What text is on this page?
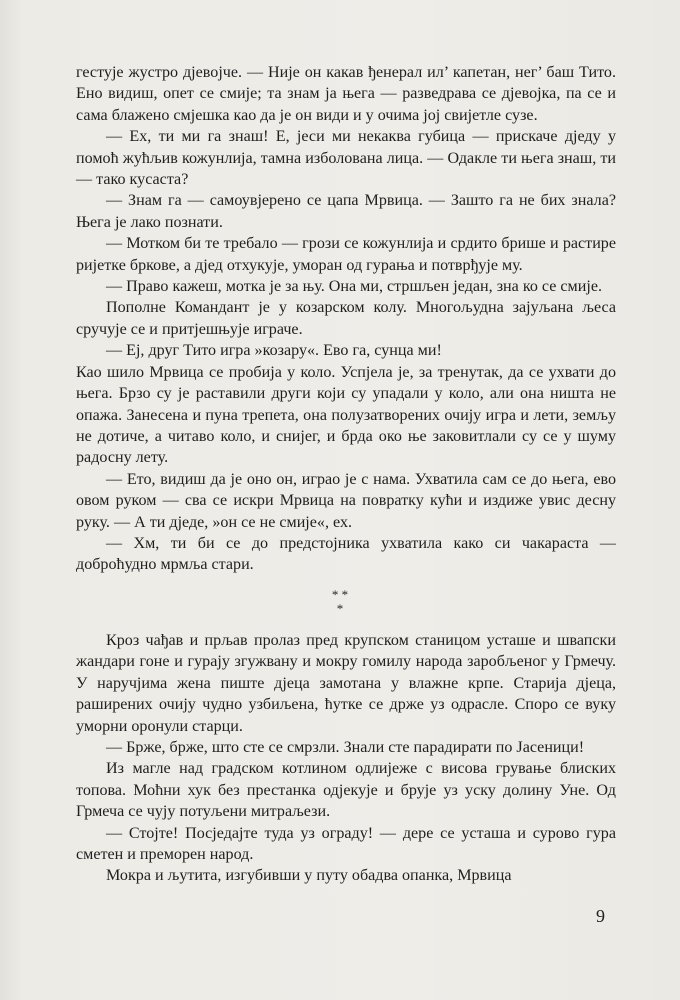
гестује жустро дјевојче. — Није он какав ђенерал ил’ капетан, нег’ баш Тито. Ено видиш, опет се смије; та знам ја њега — разведрава се дјевојка, па се и сама блажено смјешка као да је он види и у очима јој свијетле сузе.

— Ех, ти ми га знаш! Е, јеси ми некаква губица — прискаче дједу у помоћ жућљив кожунлија, тамна изболована лица. — Одакле ти њега знаш, ти — тако кусаста?

— Знам га — самоувјерено се цапа Мрвица. — Зашто га не бих знала? Њега је лако познати.

— Мотком би те требало — грози се кожунлија и срдито брише и растире ријетке бркове, а дјед отхукује, уморан од гурања и потврђује му.

— Право кажеш, мотка је за њу. Она ми, стршљен један, зна ко се смије.

Пополне Командант је у козарском колу. Многољудна зајуљана љеса сручује се и притјешњује играче.

— Ej, друг Тито игра »козару«. Ево га, сунца ми!

Као шило Мрвица се пробија у коло. Успјела је, за тренутак, да се ухвати до њега. Брзо су је раставили други који су упадали у коло, али она ништа не опажа. Занесена и пуна трепета, она полузатворених очију игра и лети, земљу не дотиче, а читаво коло, и снијег, и брда око ње заковитлали су се у шуму радосну лету.

— Ето, видиш да је оно он, играо је с нама. Ухватила сам се до њега, ево овом руком — сва се искри Мрвица на повратку кући и издиже увис десну руку. — А ти дједе, »он се не смије«, ех.

— Хм, ти би се до предстојника ухватила како си чакараста — доброћудно мрмља стари.

* *
*

Кроз чађав и прљав пролаз пред крупском станицом усташе и швапски жандари гоне и гурају згужвану и мокру гомилу народа заробљеног у Грмечу. У наручјима жена пиште дјеца замотана у влажне крпе. Старија дјеца, раширених очију чудно узбиљена, ћутке се држе уз одрасле. Споро се вуку уморни оронули старци.

— Брже, брже, што сте се смрзли. Знали сте парадирати по Јасеници!

Из магле над градском котлином одлијеже с висова грување блиских топова. Моћни хук без престанка одјекује и брује уз уску долину Уне. Од Грмеча се чују потуљени митраљези.

— Стојте! Посједајте туда уз ограду! — дере се усташа и сурово гура сметен и преморен народ.

Мокра и љутита, изгубивши у путу обадва опанка, Мрвица

9
